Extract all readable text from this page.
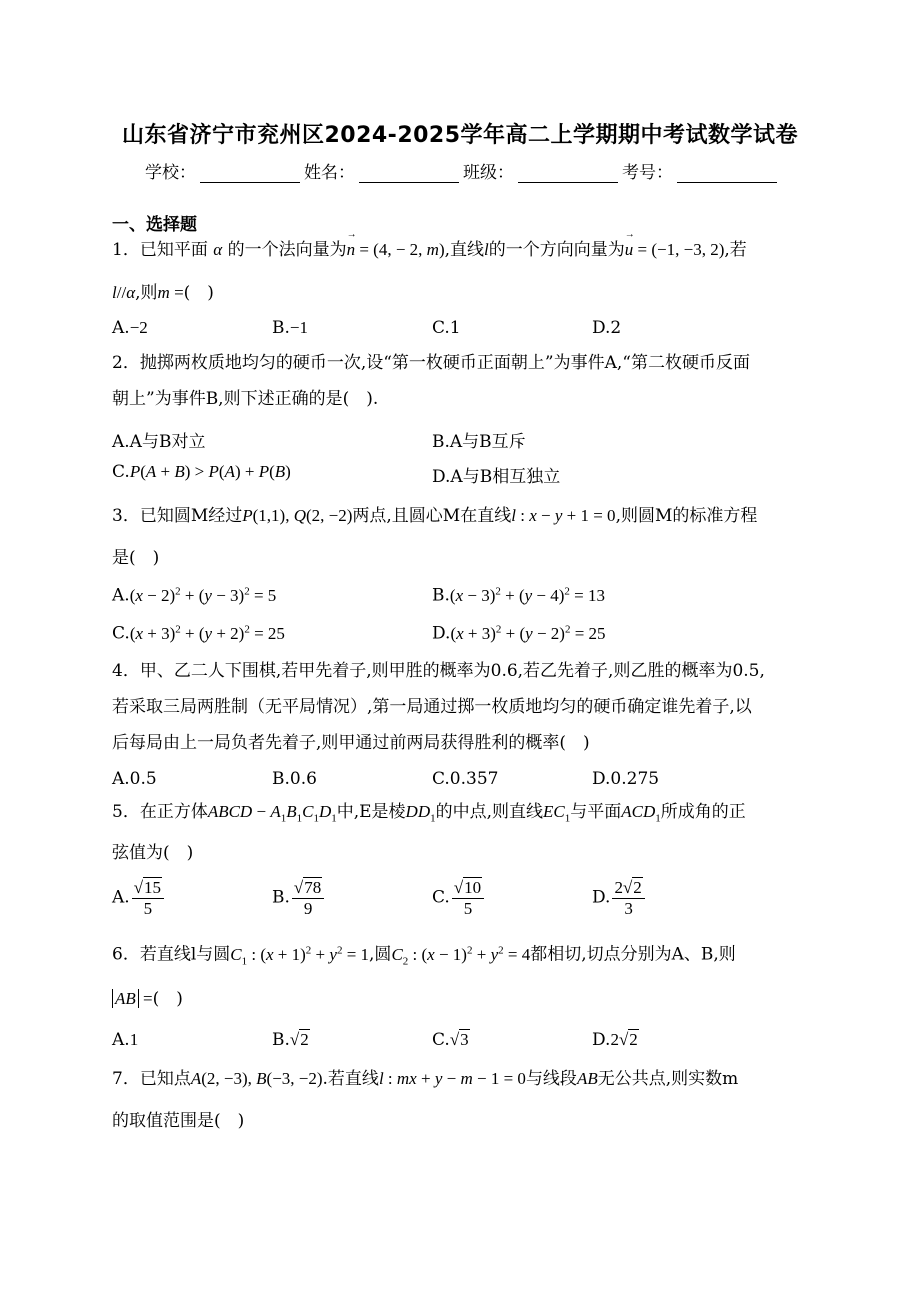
山东省济宁市兖州区2024-2025学年高二上学期期中考试数学试卷
学校：	姓名：	班级：	考号：
一、选择题
1．已知平面 α 的一个法向量为→ n = (4, − 2, m),直线l的一个方向向量为→ u = (−1, −3, 2),若
l//α,则m =(　)
A.−2	B.−1	C.1	D.2
2．抛掷两枚质地均匀的硬币一次,设“第一枚硬币正面朝上”为事件A,“第二枚硬币反面
朝上”为事件B,则下述正确的是(　).
A.A与B对立	B.A与B互斥
C.P(A + B) > P(A) + P(B)	D.A与B相互独立
3．已知圆M经过P(1,1), Q(2, −2)两点,且圆心M在直线l : x − y + 1 = 0,则圆M的标准方程
是(　)
$A.(x - 2)^2 + (y - 3)^2 = 5$	$B.(x - 3)^2 + (y - 4)^2 = 13$
$C.(x + 3)^2 + (y + 2)^2 = 25$	$D.(x + 3)^2 + (y - 2)^2 = 25$
4．甲、乙二人下围棋,若甲先着子,则甲胜的概率为0.6,若乙先着子,则乙胜的概率为0.5,
若采取三局两胜制（无平局情况）,第一局通过掷一枚质地均匀的硬币确定谁先着子,以
后每局由上一局负者先着子,则甲通过前两局获得胜利的概率(　)
A.0.5	B.0.6	C.0.357	D.0.275
5．在正方体ABCD − $A_1B_1C_1D_1$中,E是棱$DD_1$的中点,则直线$EC_1$与平面$ACD_1$所成角的正
弦值为(　)
A. $\frac{√15}{5}$	B. $\frac{√78}{9}$	C. $\frac{√10}{5}$	D. $\frac{2√2}{3}$
6．若直线l与圆$C_1$ : $(x + 1)^2 + y^2 = 1$,圆$C_2$ : $(x - 1)^2 + y^2 = 4$都相切,切点分别为A、B,则
AB =(　)
A.1	B.√2	C.√3	D.2√2
7．已知点A(2, −3), B(−3, −2).若直线l : mx + y − m − 1 = 0与线段AB无公共点,则实数m
的取值范围是(　)
